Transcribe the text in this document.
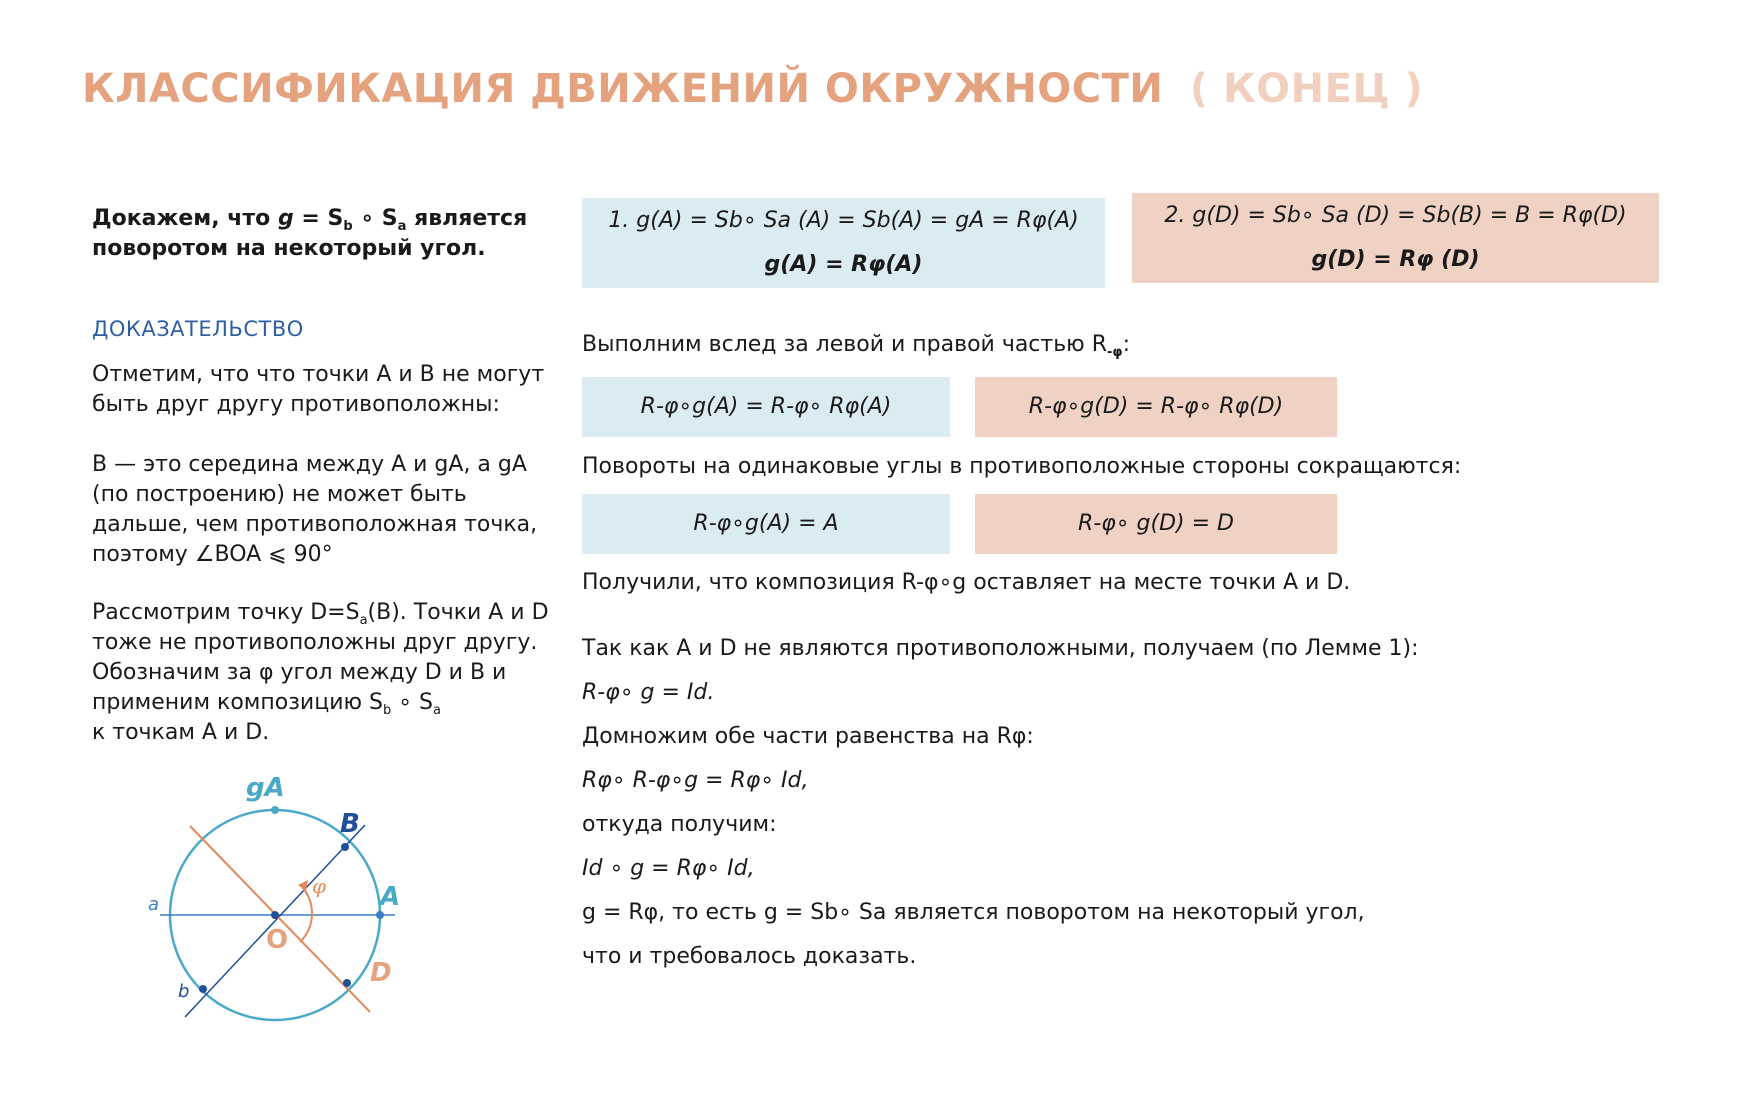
КЛАССИФИКАЦИЯ ДВИЖЕНИЙ ОКРУЖНОСТИ ( КОНЕЦ )
Докажем, что $g = S_b$ ∘ $S_a$ является
поворотом на некоторый угол.
ДОКАЗАТЕЛЬСТВО
Отметим, что что точки A и B не могут
быть друг другу противоположны:
B — это середина между A и gA, а gA
(по построению) не может быть
дальше, чем противоположная точка,
поэтому ∠BOA ⩽ 90°
Рассмотрим точку $D=S_a(B)$. Точки A и D
тоже не противоположны друг другу.
Обозначим за φ угол между D и B и
применим композицию $S_b$ ∘ $S_a$
к точкам A и D.
gA
B
A
a
b
D
O
φ
1. g(A) = Sb∘ Sa (A) = Sb(A) = gA = Rφ(A)
g(A) = Rφ(A)
2. g(D) = Sb∘ Sa (D) = Sb(B) = B = Rφ(D)
g(D) = Rφ (D)
Выполним вслед за левой и правой частью $R_{-\varphi}$:
R-φ∘g(A) = R-φ∘ Rφ(A)	R-φ∘g(D) = R-φ∘ Rφ(D)
Повороты на одинаковые углы в противоположные стороны сокращаются:
R-φ∘g(A) = A	R-φ∘ g(D) = D
Получили, что композиция R-φ∘g оставляет на месте точки A и D.
Так как A и D не являются противоположными, получаем (по Лемме 1):
R-φ∘ g = Id.
Домножим обе части равенства на Rφ:
Rφ∘ R-φ∘g = Rφ∘ Id,
откуда получим:
Id ∘ g = Rφ∘ Id,
g = Rφ, то есть g = Sb∘ Sa является поворотом на некоторый угол,
что и требовалось доказать.
